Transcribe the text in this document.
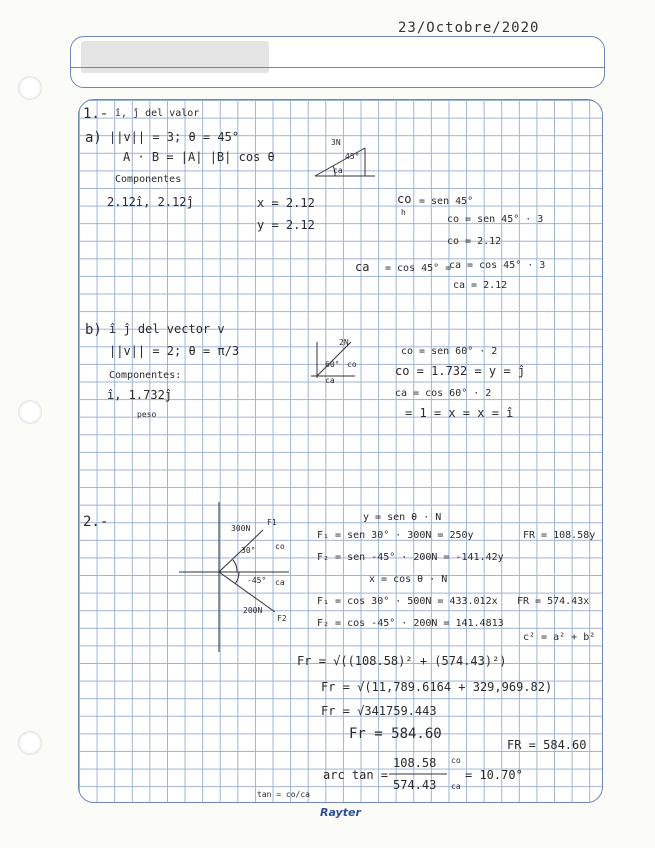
23/Octobre/2020
1.- î, ĵ del valor
a) ||v|| = 3; θ = 45°
A · B = |A| |B| cos θ
Componentes
2.12î, 2.12ĵ	x = 2.12
y = 2.12
3N
45°
ca
co
h
= sen 45°
co = sen 45° · 3
co = 2.12
ca = cos 45° =
ca = cos 45° · 3
ca = 2.12
b) î ĵ del vector v
||v|| = 2; θ = π/3
Componentes:
î, 1.732ĵ
peso
2N
60° co
ca
co = sen 60° · 2
co = 1.732 = y = ĵ
ca = cos 60° · 2
= 1 = x = x = î
2.-	F1
300N
30° co
-45° ca
200N
F2
y = sen θ · N
F₁ = sen 30° · 300N = 250y	FR = 108.58y
F₂ = sen -45° · 200N = -141.42y
x = cos θ · N
F₁ = cos 30° · 500N = 433.012x FR = 574.43x
F₂ = cos -45° · 200N = 141.4813
c² = a² + b²
Fr = √((108.58)² + (574.43)²)
Fr = √(11,789.6164 + 329,969.82)
Fr = √341759.443
Fr = 584.60
FR = 584.60
arc tan =
108.58
574.43
co
ca
= 10.70°
tan = co/ca
Rayter
